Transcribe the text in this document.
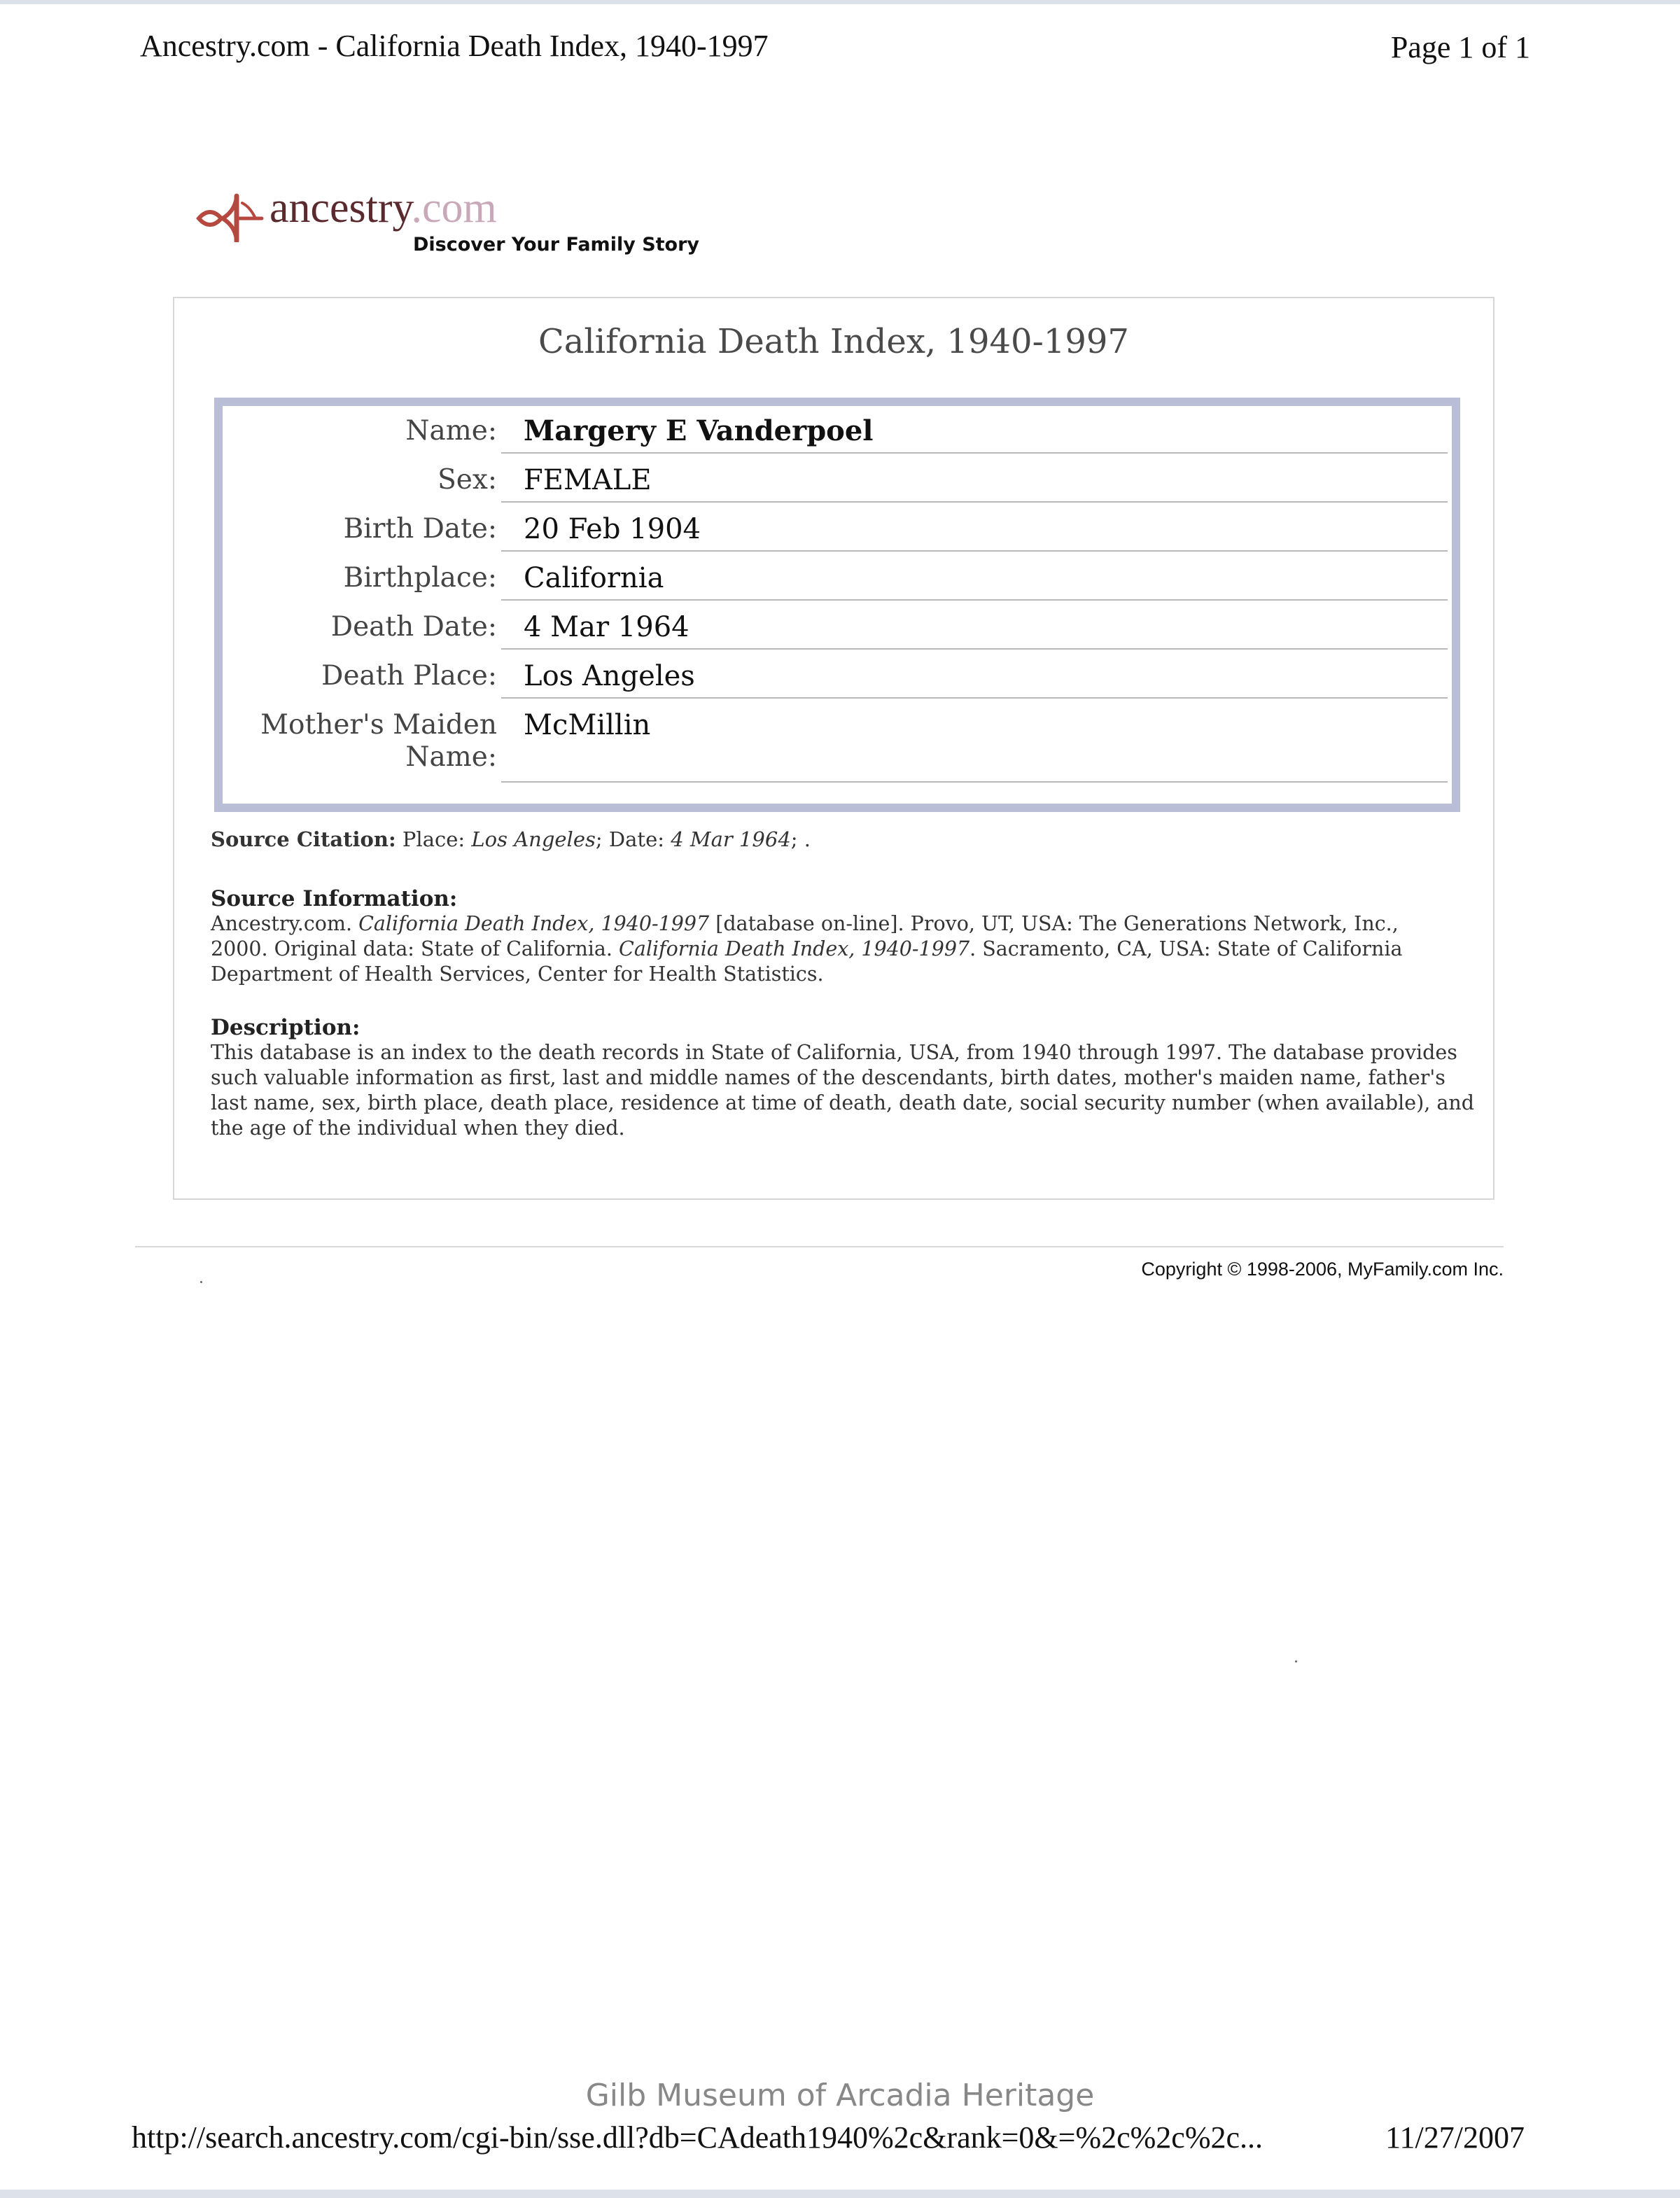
Ancestry.com - California Death Index, 1940-1997	Page 1 of 1
ancestry.com
Discover Your Family Story
California Death Index, 1940-1997
Name: Margery E Vanderpoel
Sex: FEMALE
Birth Date: 20 Feb 1904
Birthplace: California
Death Date: 4 Mar 1964
Death Place: Los Angeles
Mother's Maiden
Name:
McMillin
Source Citation: Place: Los Angeles; Date: 4 Mar 1964; .
Source Information:
Ancestry.com. California Death Index, 1940-1997 [database on-line]. Provo, UT, USA: The Generations Network, Inc.,
2000. Original data: State of California. California Death Index, 1940-1997. Sacramento, CA, USA: State of California
Department of Health Services, Center for Health Statistics.
Description:
This database is an index to the death records in State of California, USA, from 1940 through 1997. The database provides
such valuable information as first, last and middle names of the descendants, birth dates, mother's maiden name, father's
last name, sex, birth place, death place, residence at time of death, death date, social security number (when available), and
the age of the individual when they died.
Copyright © 1998-2006, MyFamily.com Inc.
Gilb Museum of Arcadia Heritage
http://search.ancestry.com/cgi-bin/sse.dll?db=CAdeath1940%2c&rank=0&=%2c%2c%2c...	11/27/2007
